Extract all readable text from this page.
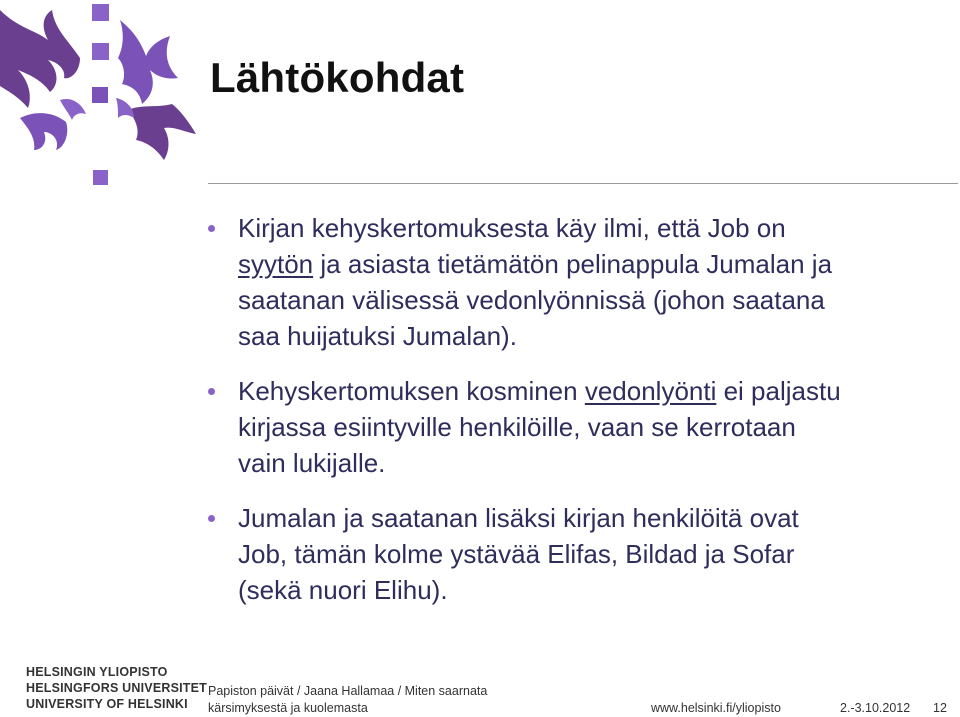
Lähtökohdat
Kirjan kehyskertomuksesta käy ilmi, että Job on
syytön ja asiasta tietämätön pelinappula Jumalan ja
saatanan välisessä vedonlyönnissä (johon saatana
saa huijatuksi Jumalan).
Kehyskertomuksen kosminen vedonlyönti ei paljastu
kirjassa esiintyville henkilöille, vaan se kerrotaan
vain lukijalle.
Jumalan ja saatanan lisäksi kirjan henkilöitä ovat
Job, tämän kolme ystävää Elifas, Bildad ja Sofar
(sekä nuori Elihu).
HELSINGIN YLIOPISTO
HELSINGFORS UNIVERSITET
UNIVERSITY OF HELSINKI
Papiston päivät / Jaana Hallamaa / Miten saarnata
kärsimyksestä ja kuolemasta	www.helsinki.fi/yliopisto	2.-3.10.2012 12
